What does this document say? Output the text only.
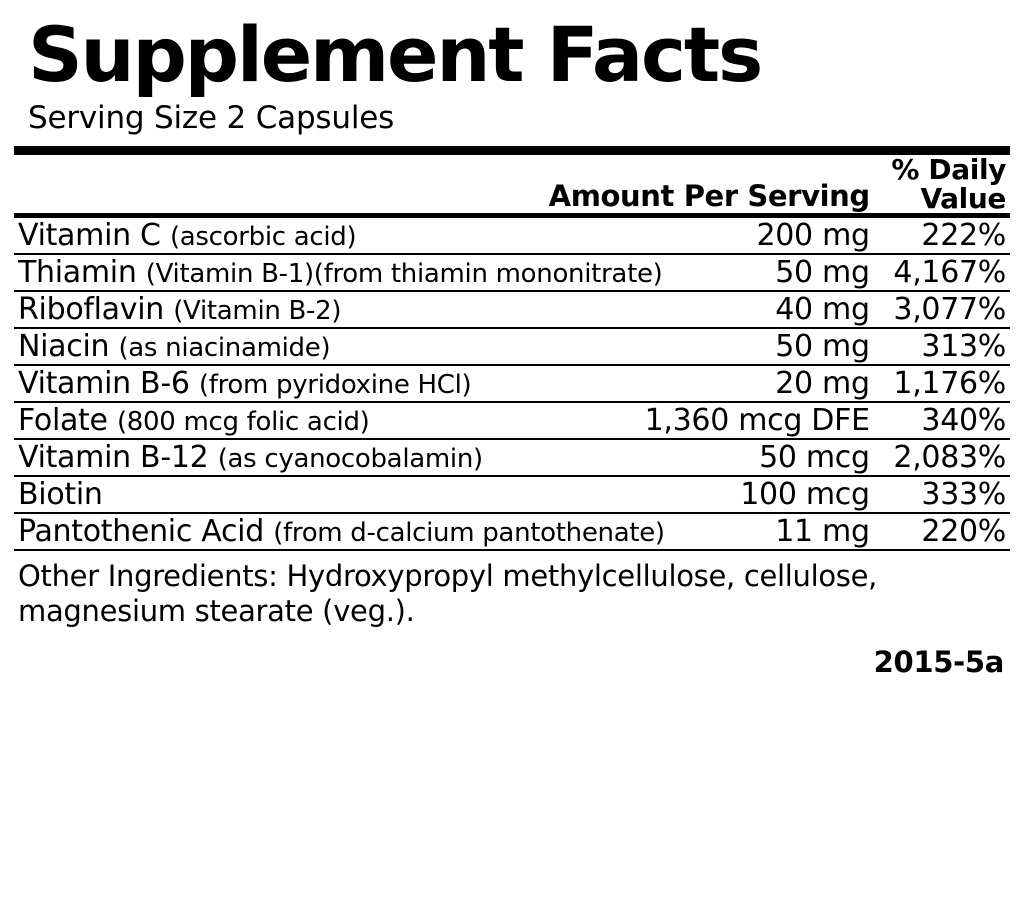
Supplement Facts
Serving Size 2 Capsules
	Amount Per Serving	% Daily
Value
Vitamin C (ascorbic acid)	200 mg	222%

Thiamin (Vitamin B-1)(from thiamin mononitrate)	50 mg	4,167%

Riboflavin (Vitamin B-2)	40 mg	3,077%

Niacin (as niacinamide)	50 mg	313%

Vitamin B-6 (from pyridoxine HCl)	20 mg	1,176%

Folate (800 mcg folic acid)	1,360 mcg DFE	340%

Vitamin B-12 (as cyanocobalamin)	50 mcg	2,083%

Biotin	100 mcg	333%

Pantothenic Acid (from d-calcium pantothenate)	11 mg	220%
Other Ingredients: Hydroxypropyl methylcellulose, cellulose, magnesium stearate (veg.).
2015-5a
